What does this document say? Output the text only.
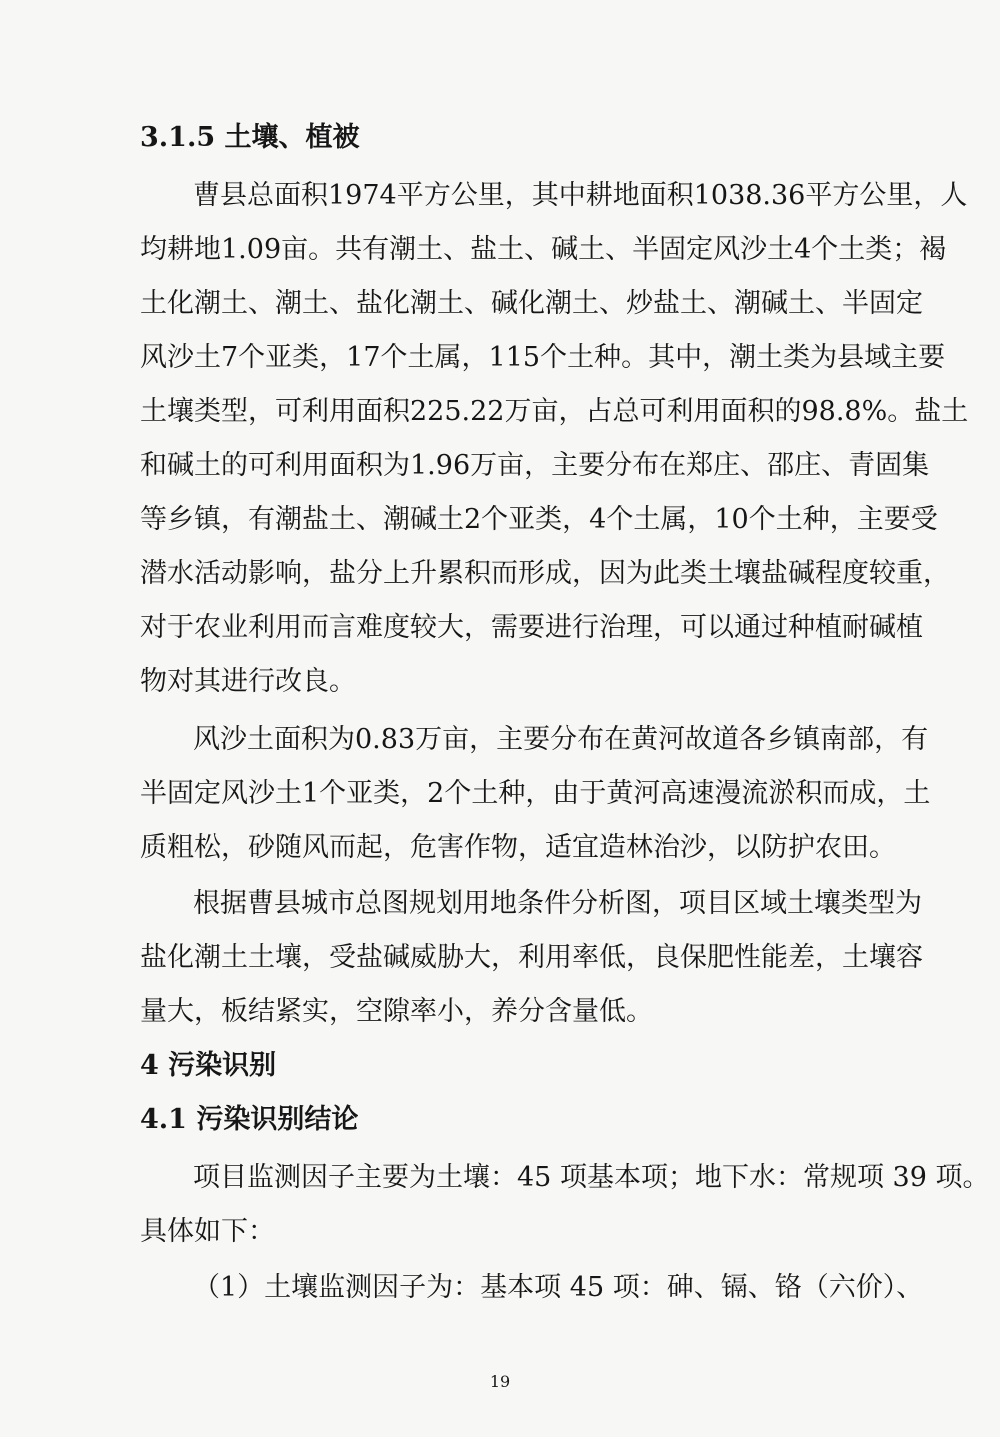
3.1.5 土壤、植被
曹县总面积1974平方公里，其中耕地面积1038.36平方公里，人
均耕地1.09亩。共有潮土、盐土、碱土、半固定风沙土4个土类；褐
土化潮土、潮土、盐化潮土、碱化潮土、炒盐土、潮碱土、半固定
风沙土7个亚类，17个土属，115个土种。其中，潮土类为县域主要
土壤类型，可利用面积225.22万亩，占总可利用面积的98.8%。盐土
和碱土的可利用面积为1.96万亩，主要分布在郑庄、邵庄、青固集
等乡镇，有潮盐土、潮碱土2个亚类，4个土属，10个土种，主要受
潜水活动影响，盐分上升累积而形成，因为此类土壤盐碱程度较重，
对于农业利用而言难度较大，需要进行治理，可以通过种植耐碱植
物对其进行改良。
风沙土面积为0.83万亩，主要分布在黄河故道各乡镇南部，有
半固定风沙土1个亚类，2个土种，由于黄河高速漫流淤积而成，土
质粗松，砂随风而起，危害作物，适宜造林治沙，以防护农田。
根据曹县城市总图规划用地条件分析图，项目区域土壤类型为
盐化潮土土壤，受盐碱威胁大，利用率低，良保肥性能差，土壤容
量大，板结紧实，空隙率小，养分含量低。
4 污染识别
4.1 污染识别结论
项目监测因子主要为土壤：45 项基本项；地下水：常规项 39 项。
具体如下：
（1）土壤监测因子为：基本项 45 项：砷、镉、铬（六价）、
19
